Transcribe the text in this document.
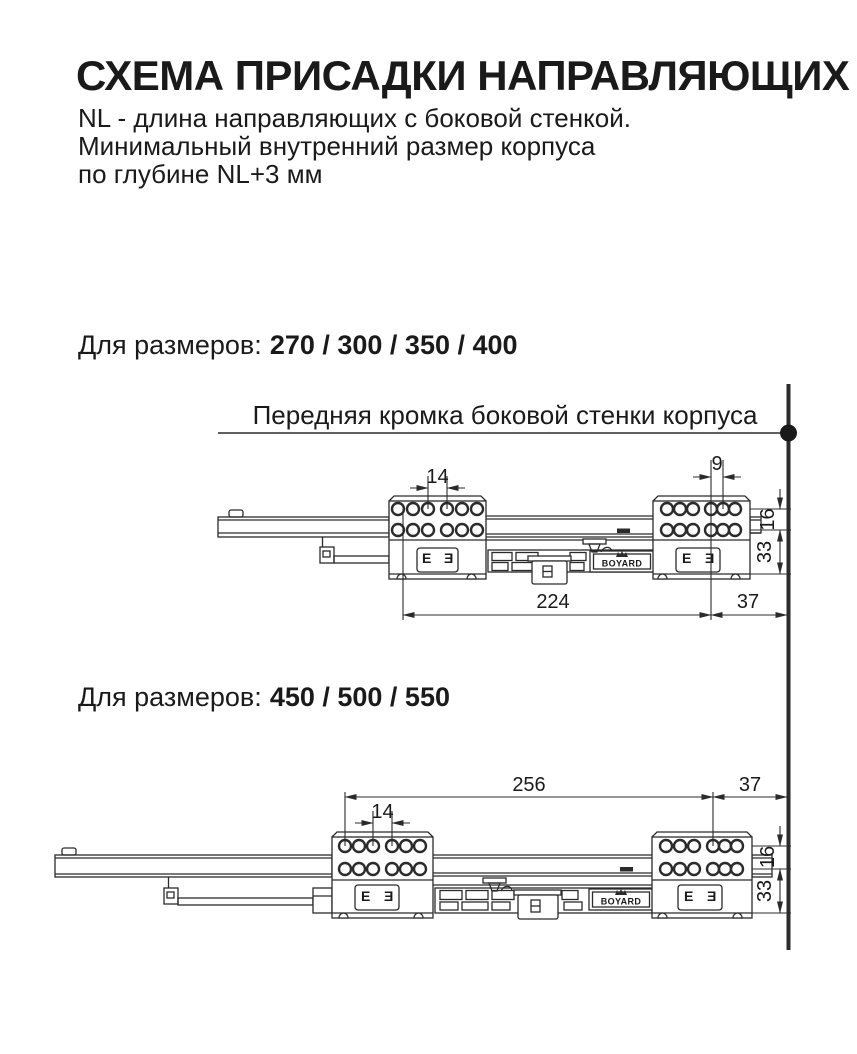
СХЕМА ПРИСАДКИ НАПРАВЛЯЮЩИХ
NL - длина направляющих с боковой стенкой.
Минимальный внутренний размер корпуса
по глубине NL+3 мм
Для размеров: 270 / 300 / 350 / 400
Для размеров: 450 / 500 / 550
Передняя кромка боковой стенки корпуса
BOYARD
Е Ǝ	Е Ǝ
14
9
224	37
16
33
BOYARD
Е Ǝ	Е Ǝ
256	37
14
16
33
